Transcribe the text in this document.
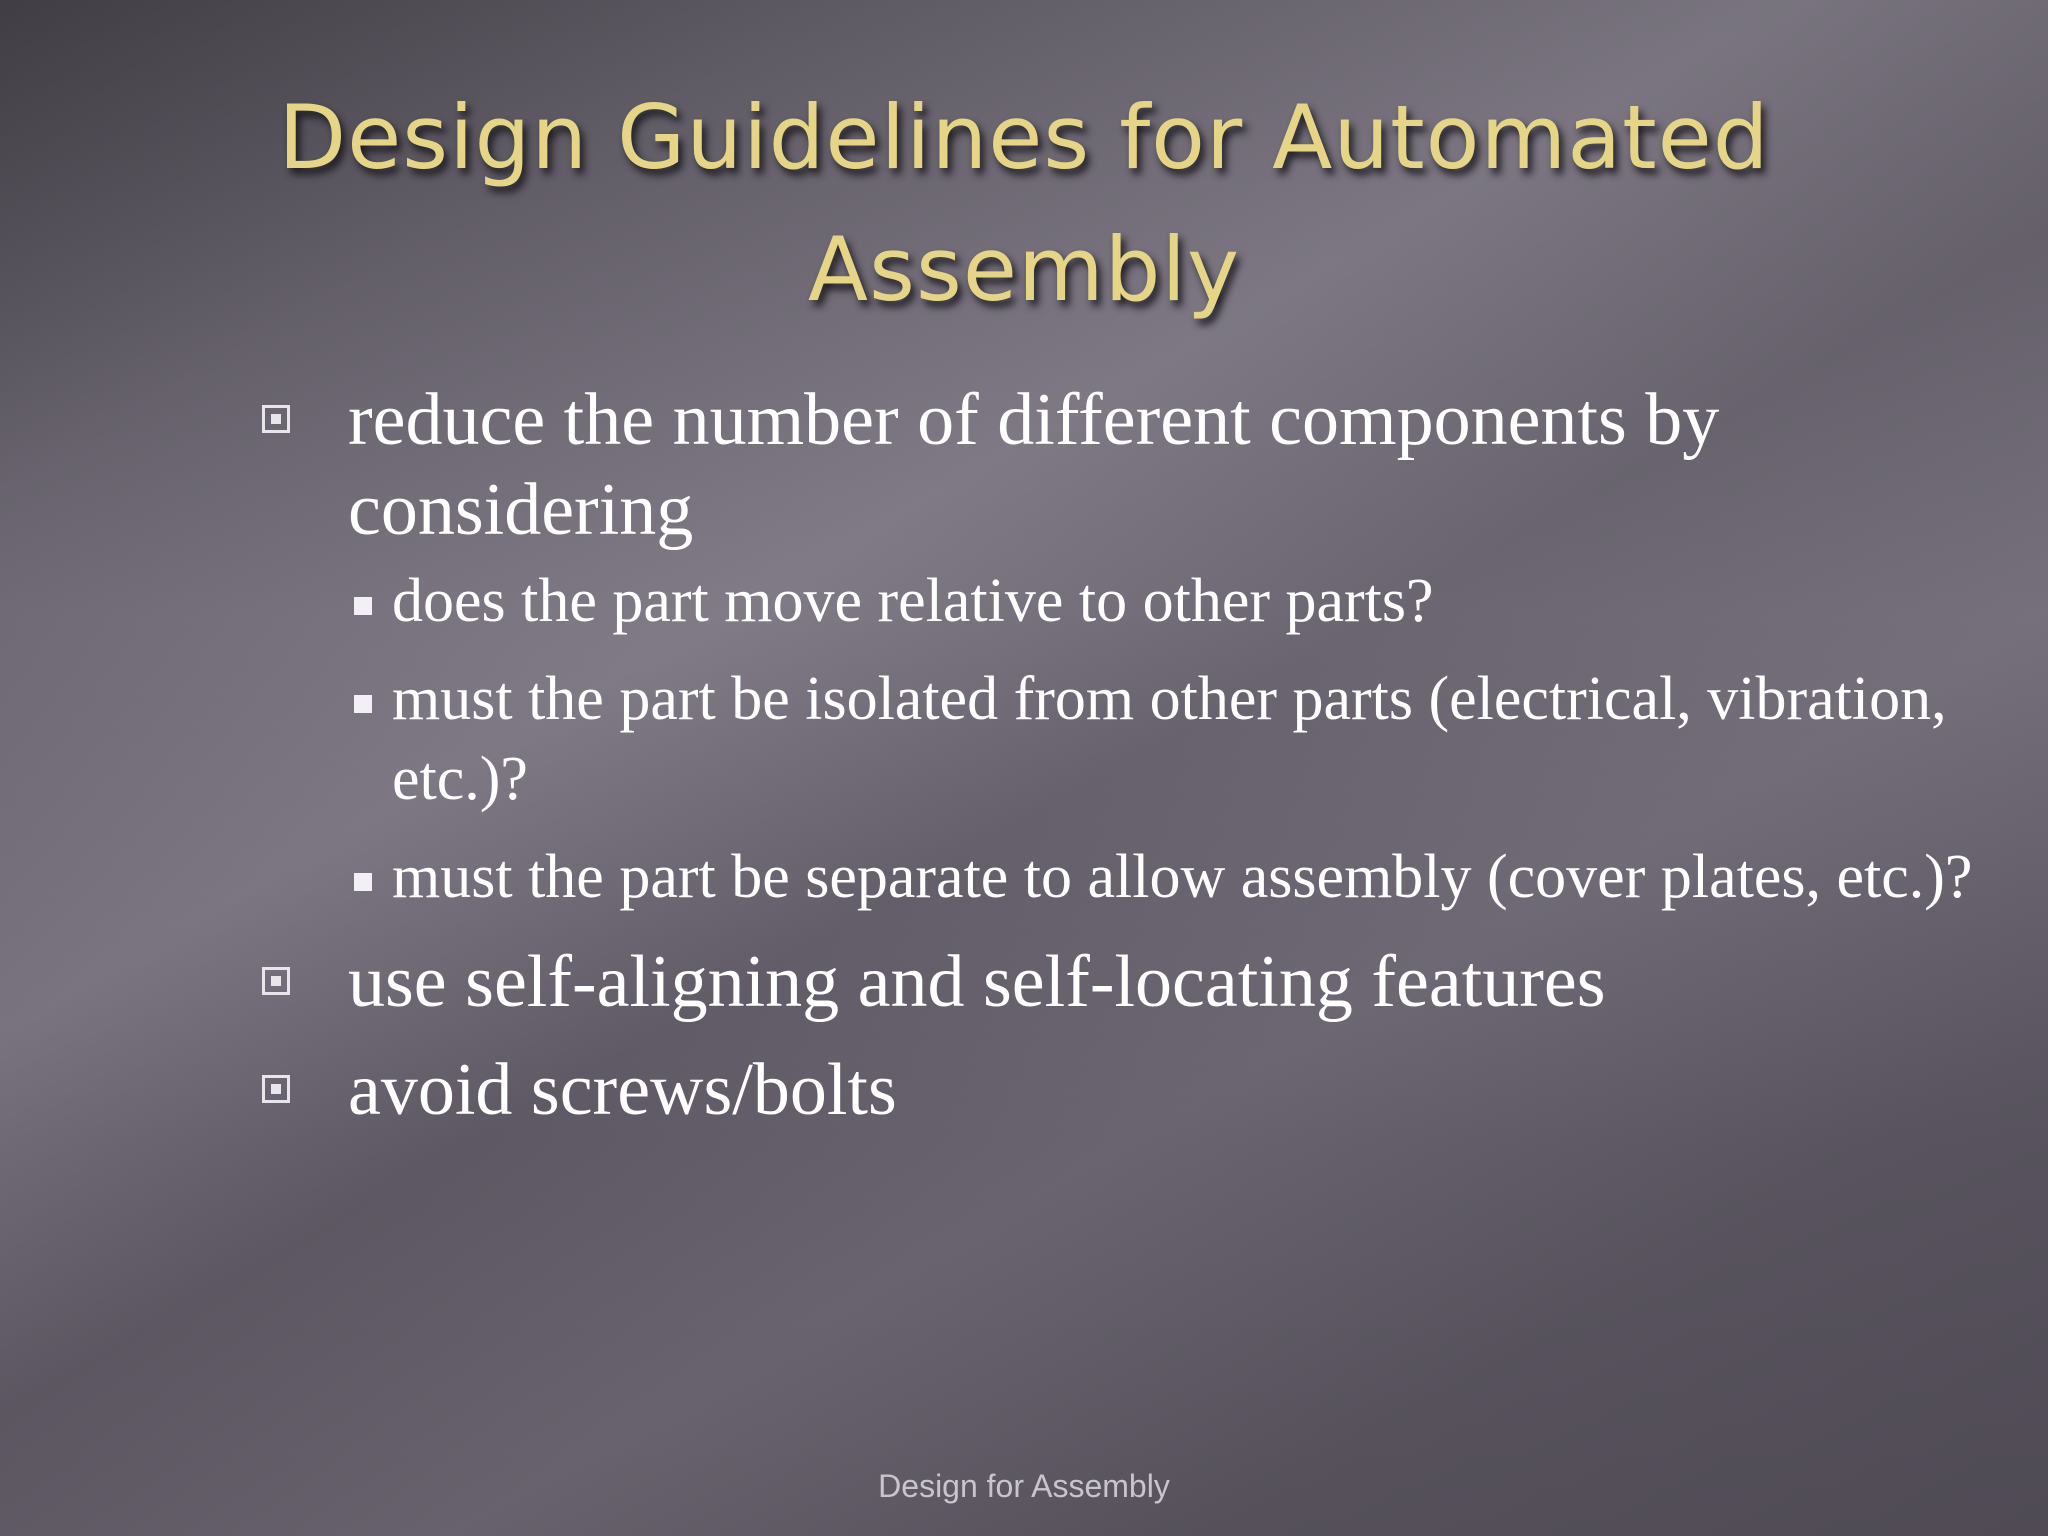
Design Guidelines for Automated
Assembly
reduce the number of different components by considering
does the part move relative to other parts?
must the part be isolated from other parts (electrical, vibration, etc.)?
must the part be separate to allow assembly (cover plates, etc.)?
use self-aligning and self-locating features
avoid screws/bolts
Design for Assembly
